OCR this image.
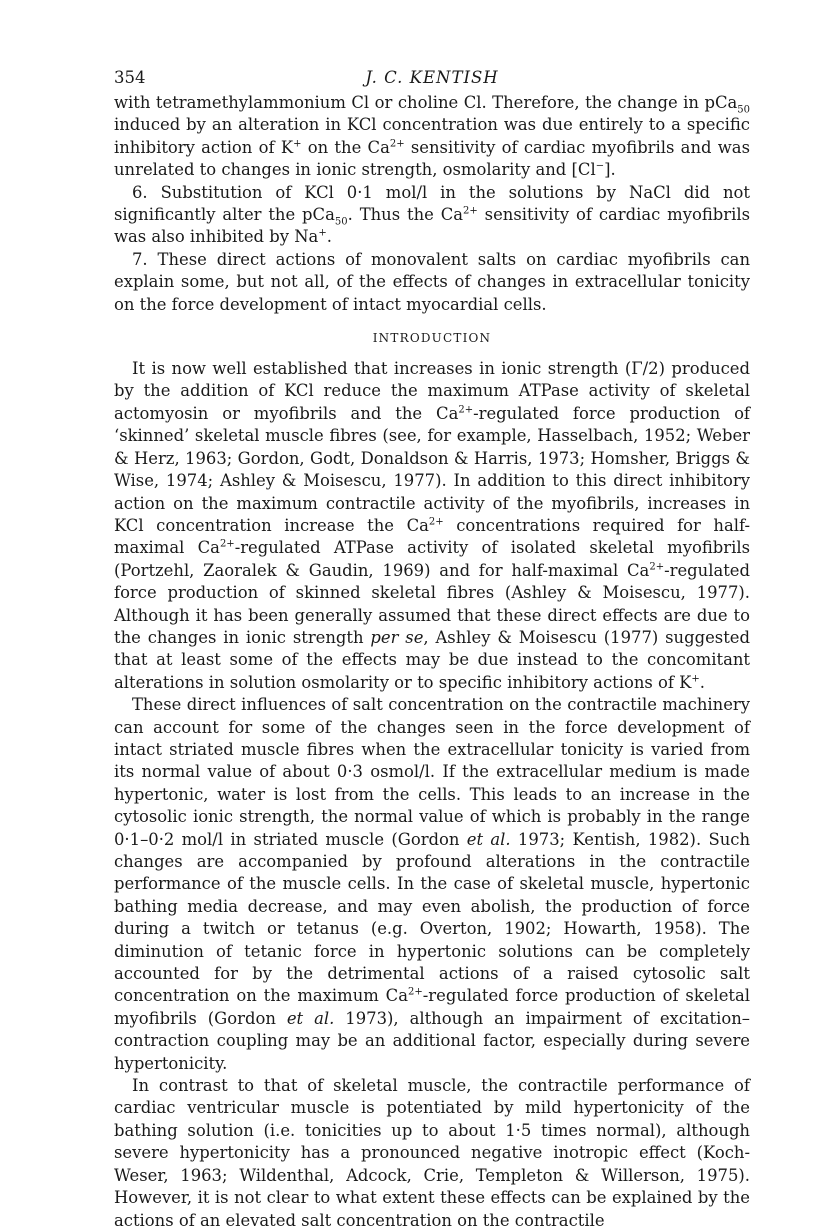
354	J. C. KENTISH

with tetramethylammonium Cl or choline Cl. Therefore, the change in pCa$_{50}$ induced by an alteration in KCl concentration was due entirely to a specific inhibitory action of K+ on the $Ca^{2+}$ sensitivity of cardiac myofibrils and was unrelated to changes in ionic strength, osmolarity and [Cl−].

6. Substitution of KCl 0·1 mol/l in the solutions by NaCl did not significantly alter the pCa$_{50}$. Thus the $Ca^{2+}$ sensitivity of cardiac myofibrils was also inhibited by Na+.

7. These direct actions of monovalent salts on cardiac myofibrils can explain some, but not all, of the effects of changes in extracellular tonicity on the force development of intact myocardial cells.

INTRODUCTION

It is now well established that increases in ionic strength (Γ/2) produced by the addition of KCl reduce the maximum ATPase activity of skeletal actomyosin or myofibrils and the $Ca^{2+}$-regulated force production of ‘skinned’ skeletal muscle fibres (see, for example, Hasselbach, 1952; Weber & Herz, 1963; Gordon, Godt, Donaldson & Harris, 1973; Homsher, Briggs & Wise, 1974; Ashley & Moisescu, 1977). In addition to this direct inhibitory action on the maximum contractile activity of the myofibrils, increases in KCl concentration increase the $Ca^{2+}$ concentrations required for half-maximal $Ca^{2+}$-regulated ATPase activity of isolated skeletal myofibrils (Portzehl, Zaoralek & Gaudin, 1969) and for half-maximal $Ca^{2+}$-regulated force production of skinned skeletal fibres (Ashley & Moisescu, 1977). Although it has been generally assumed that these direct effects are due to the changes in ionic strength per se, Ashley & Moisescu (1977) suggested that at least some of the effects may be due instead to the concomitant alterations in solution osmolarity or to specific inhibitory actions of K+.

These direct influences of salt concentration on the contractile machinery can account for some of the changes seen in the force development of intact striated muscle fibres when the extracellular tonicity is varied from its normal value of about 0·3 osmol/l. If the extracellular medium is made hypertonic, water is lost from the cells. This leads to an increase in the cytosolic ionic strength, the normal value of which is probably in the range 0·1–0·2 mol/l in striated muscle (Gordon et al. 1973; Kentish, 1982). Such changes are accompanied by profound alterations in the contractile performance of the muscle cells. In the case of skeletal muscle, hypertonic bathing media decrease, and may even abolish, the production of force during a twitch or tetanus (e.g. Overton, 1902; Howarth, 1958). The diminution of tetanic force in hypertonic solutions can be completely accounted for by the detrimental actions of a raised cytosolic salt concentration on the maximum $Ca^{2+}$-regulated force production of skeletal myofibrils (Gordon et al. 1973), although an impairment of excitation–contraction coupling may be an additional factor, especially during severe hypertonicity.

In contrast to that of skeletal muscle, the contractile performance of cardiac ventricular muscle is potentiated by mild hypertonicity of the bathing solution (i.e. tonicities up to about 1·5 times normal), although severe hypertonicity has a pronounced negative inotropic effect (Koch-Weser, 1963; Wildenthal, Adcock, Crie, Templeton & Willerson, 1975). However, it is not clear to what extent these effects can be explained by the actions of an elevated salt concentration on the contractile
